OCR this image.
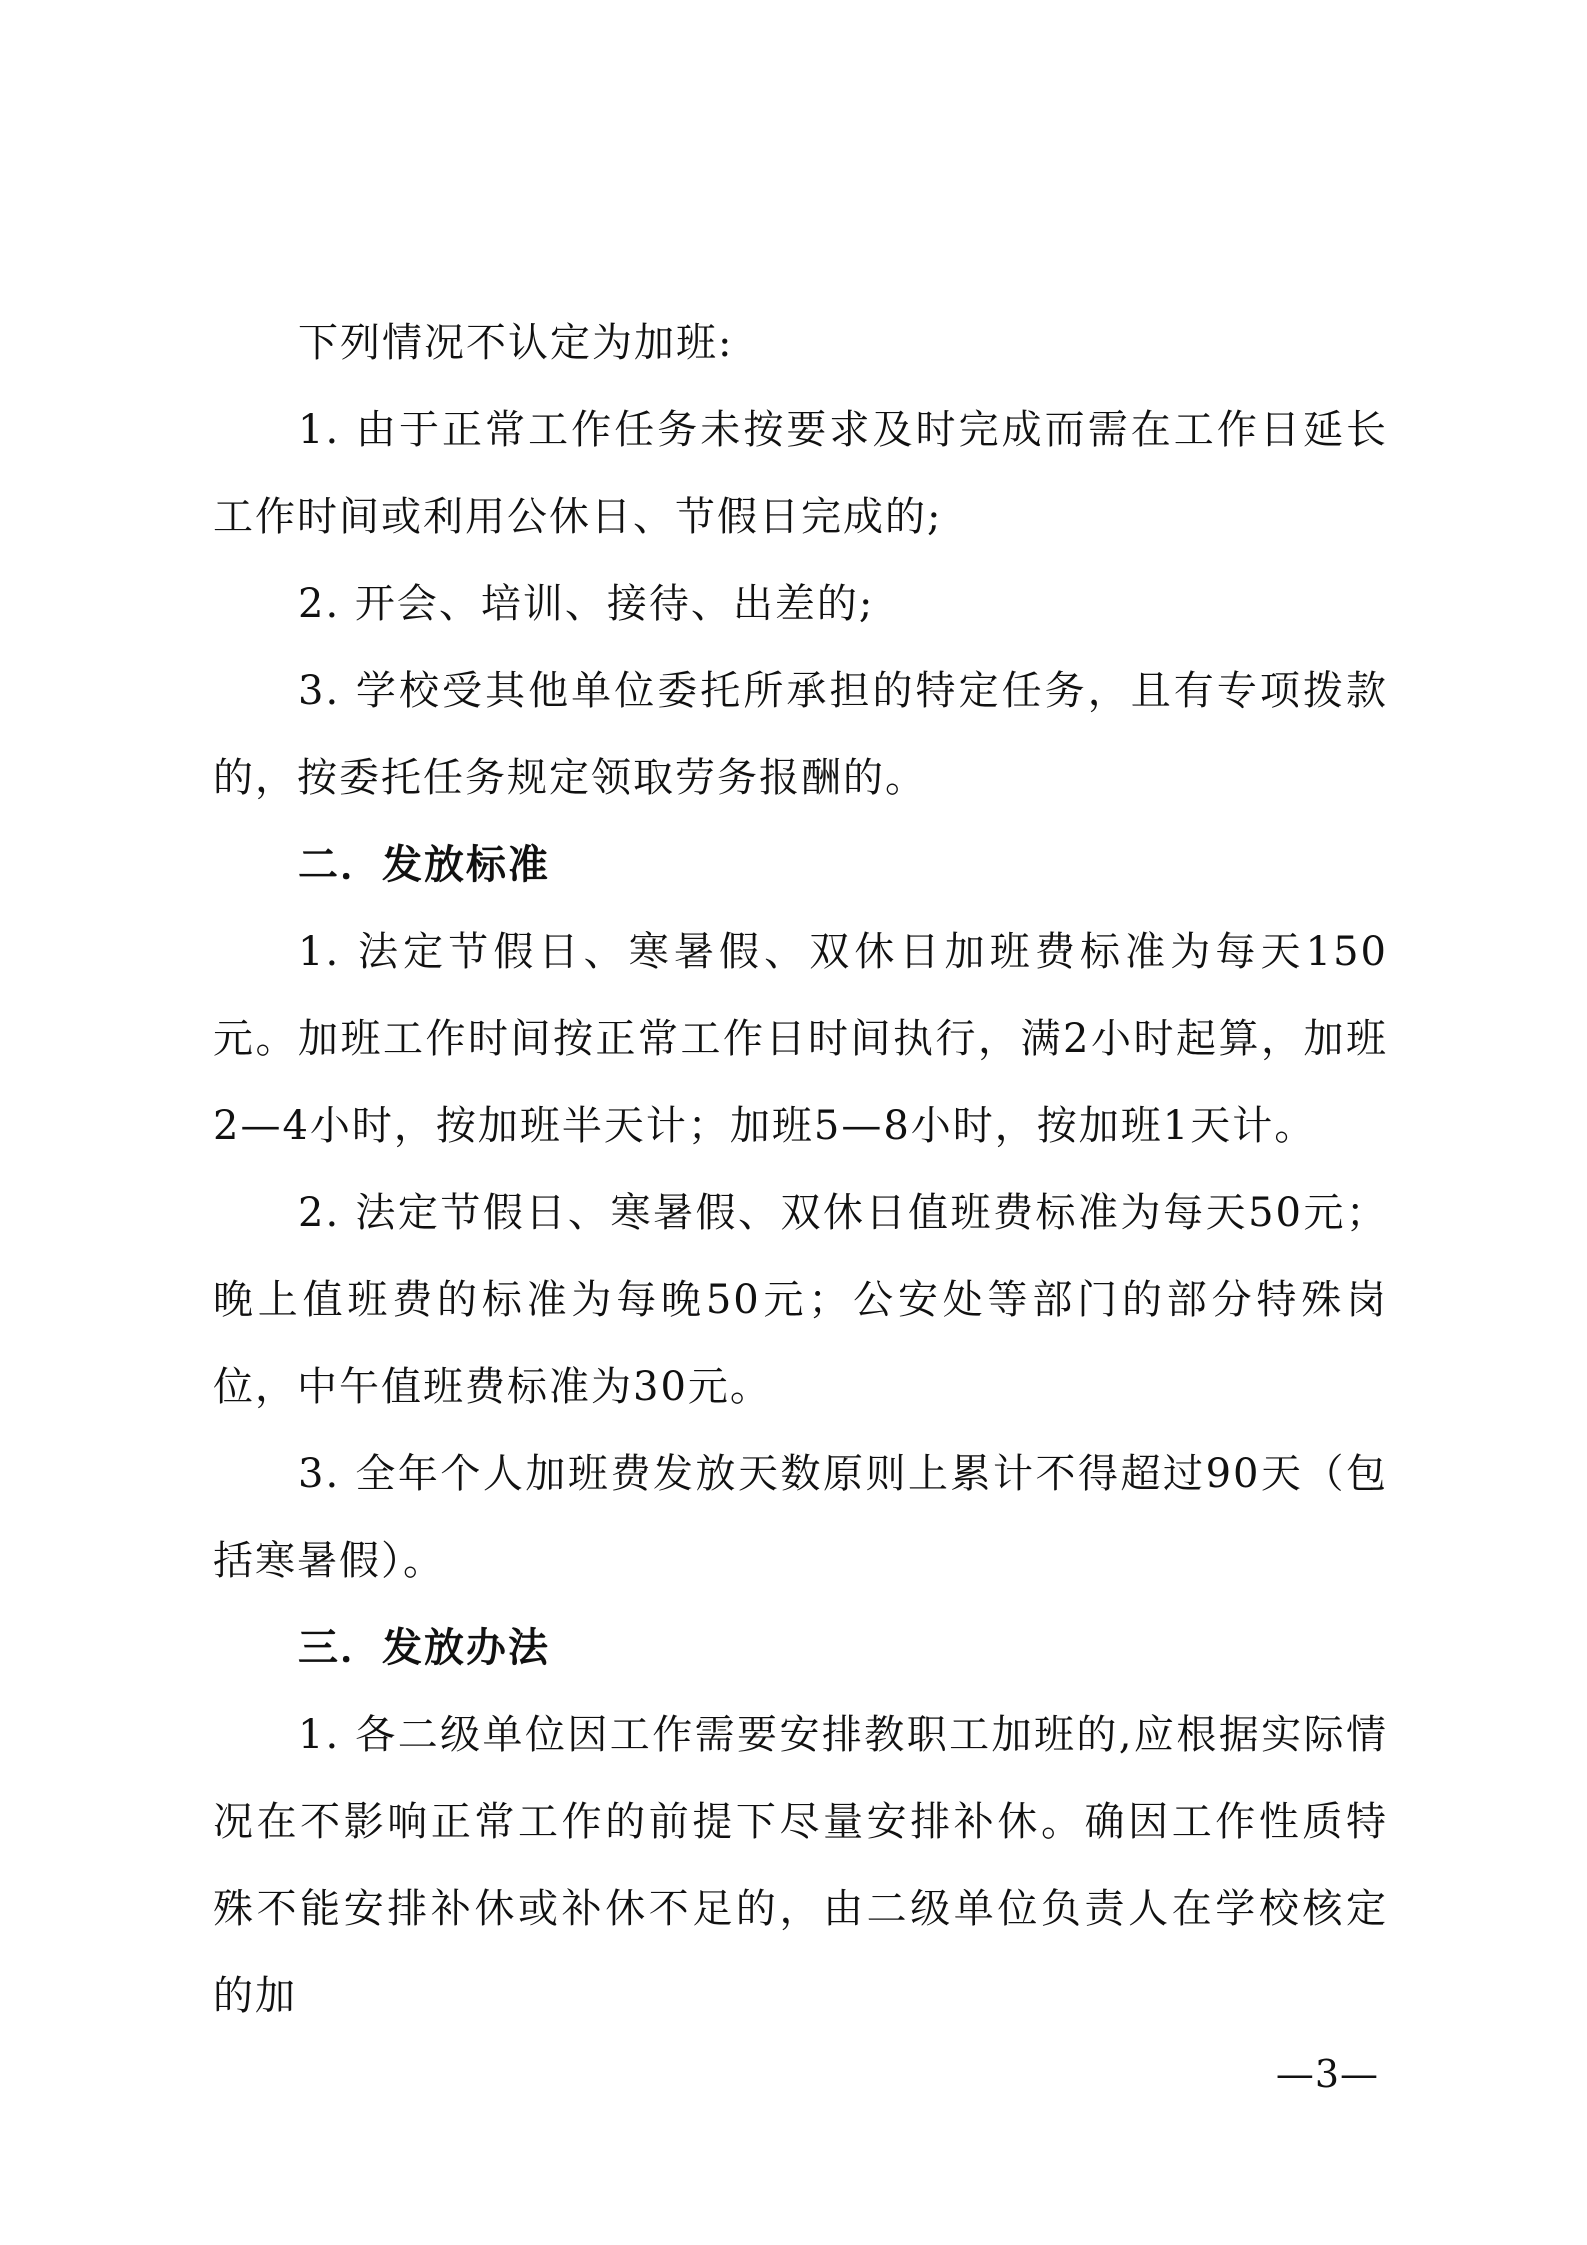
下列情况不认定为加班:

1. 由于正常工作任务未按要求及时完成而需在工作日延长工作时间或利用公休日、节假日完成的;

2. 开会、培训、接待、出差的;

3. 学校受其他单位委托所承担的特定任务，且有专项拨款的，按委托任务规定领取劳务报酬的。

二．发放标准

1. 法定节假日、寒暑假、双休日加班费标准为每天150元。加班工作时间按正常工作日时间执行，满2小时起算，加班2—4小时，按加班半天计；加班5—8小时，按加班1天计。

2. 法定节假日、寒暑假、双休日值班费标准为每天50元；晚上值班费的标准为每晚50元；公安处等部门的部分特殊岗位，中午值班费标准为30元。

3. 全年个人加班费发放天数原则上累计不得超过90天（包括寒暑假）。

三．发放办法

1. 各二级单位因工作需要安排教职工加班的,应根据实际情况在不影响正常工作的前提下尽量安排补休。确因工作性质特殊不能安排补休或补休不足的，由二级单位负责人在学校核定的加

—3—
